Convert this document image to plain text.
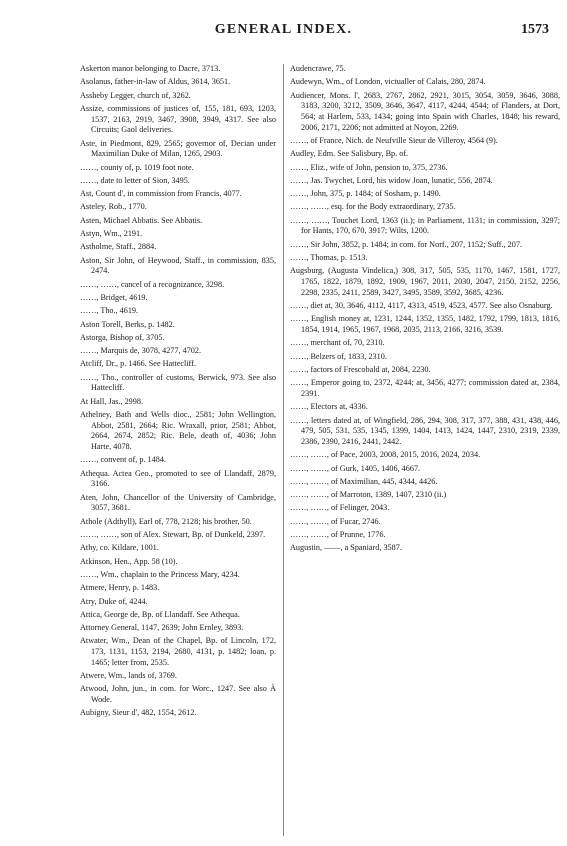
GENERAL INDEX.	1573

Askerton manor belonging to Dacre, 3713.

Asolanus, father-in-law of Aldus, 3614, 3651.

Assheby Legger, church of, 3262.

Assize, commissions of justices of, 155, 181, 693, 1203, 1537, 2163, 2919, 3467, 3908, 3949, 4317. See also Circuits; Gaol deliveries.

Aste, in Piedmont, 829, 2565; governor of, Decian under Maximilian Duke of Milan, 1265, 2903.

……, county of, p. 1019 foot note.

……, date to letter of Sion, 3495.

Ast, Count d', in commission from Francis, 4077.

Asteley, Rob., 1770.

Asten, Michael Abbatis. See Abbatis.

Astyn, Wm., 2191.

Astholme, Staff., 2884.

Aston, Sir John, of Heywood, Staff., in commission, 835, 2474.

……, ……, cancel of a recognizance, 3298.

……, Bridget, 4619.

……, Tho., 4619.

Aston Torell, Berks, p. 1482.

Astorga, Bishop of, 3705.

……, Marquis de, 3078, 4277, 4702.

Atcliff, Dr., p. 1466. See Hattecliff.

……, Tho., controller of customs, Berwick, 973. See also Hattecliff.

At Hall, Jas., 2998.

Athelney, Bath and Wells dioc., 2581; John Wellington, Abbot, 2581, 2664; Ric. Wraxall, prior, 2581; Abbot, 2664, 2674, 2852; Ric. Bele, death of, 4036; John Harte, 4078.

……, convent of, p. 1484.

Athequa. Actea Geo., promoted to see of Llandaff, 2879, 3166.

Aten, John, Chancellor of the University of Cambridge, 3057, 3681.

Athole (Adthyll), Earl of, 778, 2128; his brother, 50.

……, ……, son of Alex. Stewart, Bp. of Dunkeld, 2397.

Athy, co. Kildare, 1001.

Atkinson, Hen., App. 58 (10).

……, Wm., chaplain to the Princess Mary, 4234.

Atmere, Henry, p. 1483.

Atry, Duke of, 4244.

Attica, George de, Bp. of Llandaff. See Athequa.

Attorney General, 1147, 2639; John Ernley, 3893.

Atwater, Wm., Dean of the Chapel, Bp. of Lincoln, 172, 173, 1131, 1153, 2194, 2680, 4131, p. 1482; loan, p. 1465; letter from, 2535.

Atwere, Wm., lands of, 3769.

Atwood, John, jun., in com. for Worc., 1247. See also À Wode.

Aubigny, Sieur d', 482, 1554, 2612.

Audencrawe, 75.

Audewyn, Wm., of London, victualler of Calais, 280, 2874.

Audiencer, Mons. l', 2683, 2767, 2862, 2921, 3015, 3054, 3059, 3646, 3088, 3183, 3200, 3212, 3509, 3646, 3647, 4117, 4244, 4544; of Flanders, at Dort, 564; at Harlem, 533, 1434; going into Spain with Charles, 1848; his reward, 2006, 2171, 2206; not admitted at Noyon, 2269.

……, of France, Nich. de Neufville Sieur de Villeroy, 4564 (9).

Audley, Edm. See Salisbury, Bp. of.

……, Eliz., wife of John, pension to, 375, 2736.

……, Jas. Twychet, Lord, his widow Joan, lunatic, 556, 2874.

……, John, 375, p. 1484; of Sosham, p. 1490.

……, ……, esq. for the Body extraordinary, 2735.

……, ……, Touchet Lord, 1363 (ii.); in Parliament, 1131; in commission, 3297; for Hants, 170, 670, 3917; Wilts, 1200.

……, Sir John, 3852, p. 1484; in com. for Norf., 207, 1152; Suff., 207.

……, Thomas, p. 1513.

Augsburg, (Augusta Vindelica,) 308, 317, 505, 535, 1170, 1467, 1581, 1727, 1765, 1822, 1879, 1892, 1909, 1967, 2011, 2030, 2047, 2150, 2152, 2256, 2298, 2335, 2411, 2589, 3427, 3495, 3589, 3592, 3685, 4236.

……, diet at, 30, 3646, 4112, 4117, 4313, 4519, 4523, 4577. See also Osnaburg.

……, English money at, 1231, 1244, 1352, 1355, 1482, 1792, 1799, 1813, 1816, 1854, 1914, 1965, 1967, 1968, 2035, 2113, 2166, 3216, 3539.

……, merchant of, 70, 2310.

……, Belzers of, 1833, 2310.

……, factors of Frescobald at, 2084, 2230.

……, Emperor going to, 2372, 4244; at, 3456, 4277; commission dated at, 2384, 2391.

……, Electors at, 4336.

……, letters dated at, of Wingfield, 286, 294, 308, 317, 377, 388, 431, 438, 446, 479, 505, 531, 535, 1345, 1399, 1404, 1413, 1424, 1447, 2310, 2319, 2339, 2386, 2390, 2416, 2441, 2442.

……, ……, of Pace, 2003, 2008, 2015, 2016, 2024, 2034.

……, ……, of Gurk, 1405, 1406, 4667.

……, ……, of Maximilian, 445, 4344, 4426.

……, ……, of Marroton, 1389, 1407, 2310 (ii.)

……, ……, of Felinger, 2043.

……, ……, of Fucar, 2746.

……, ……, of Prunne, 1776.

Augustin, ——, a Spaniard, 3587.
